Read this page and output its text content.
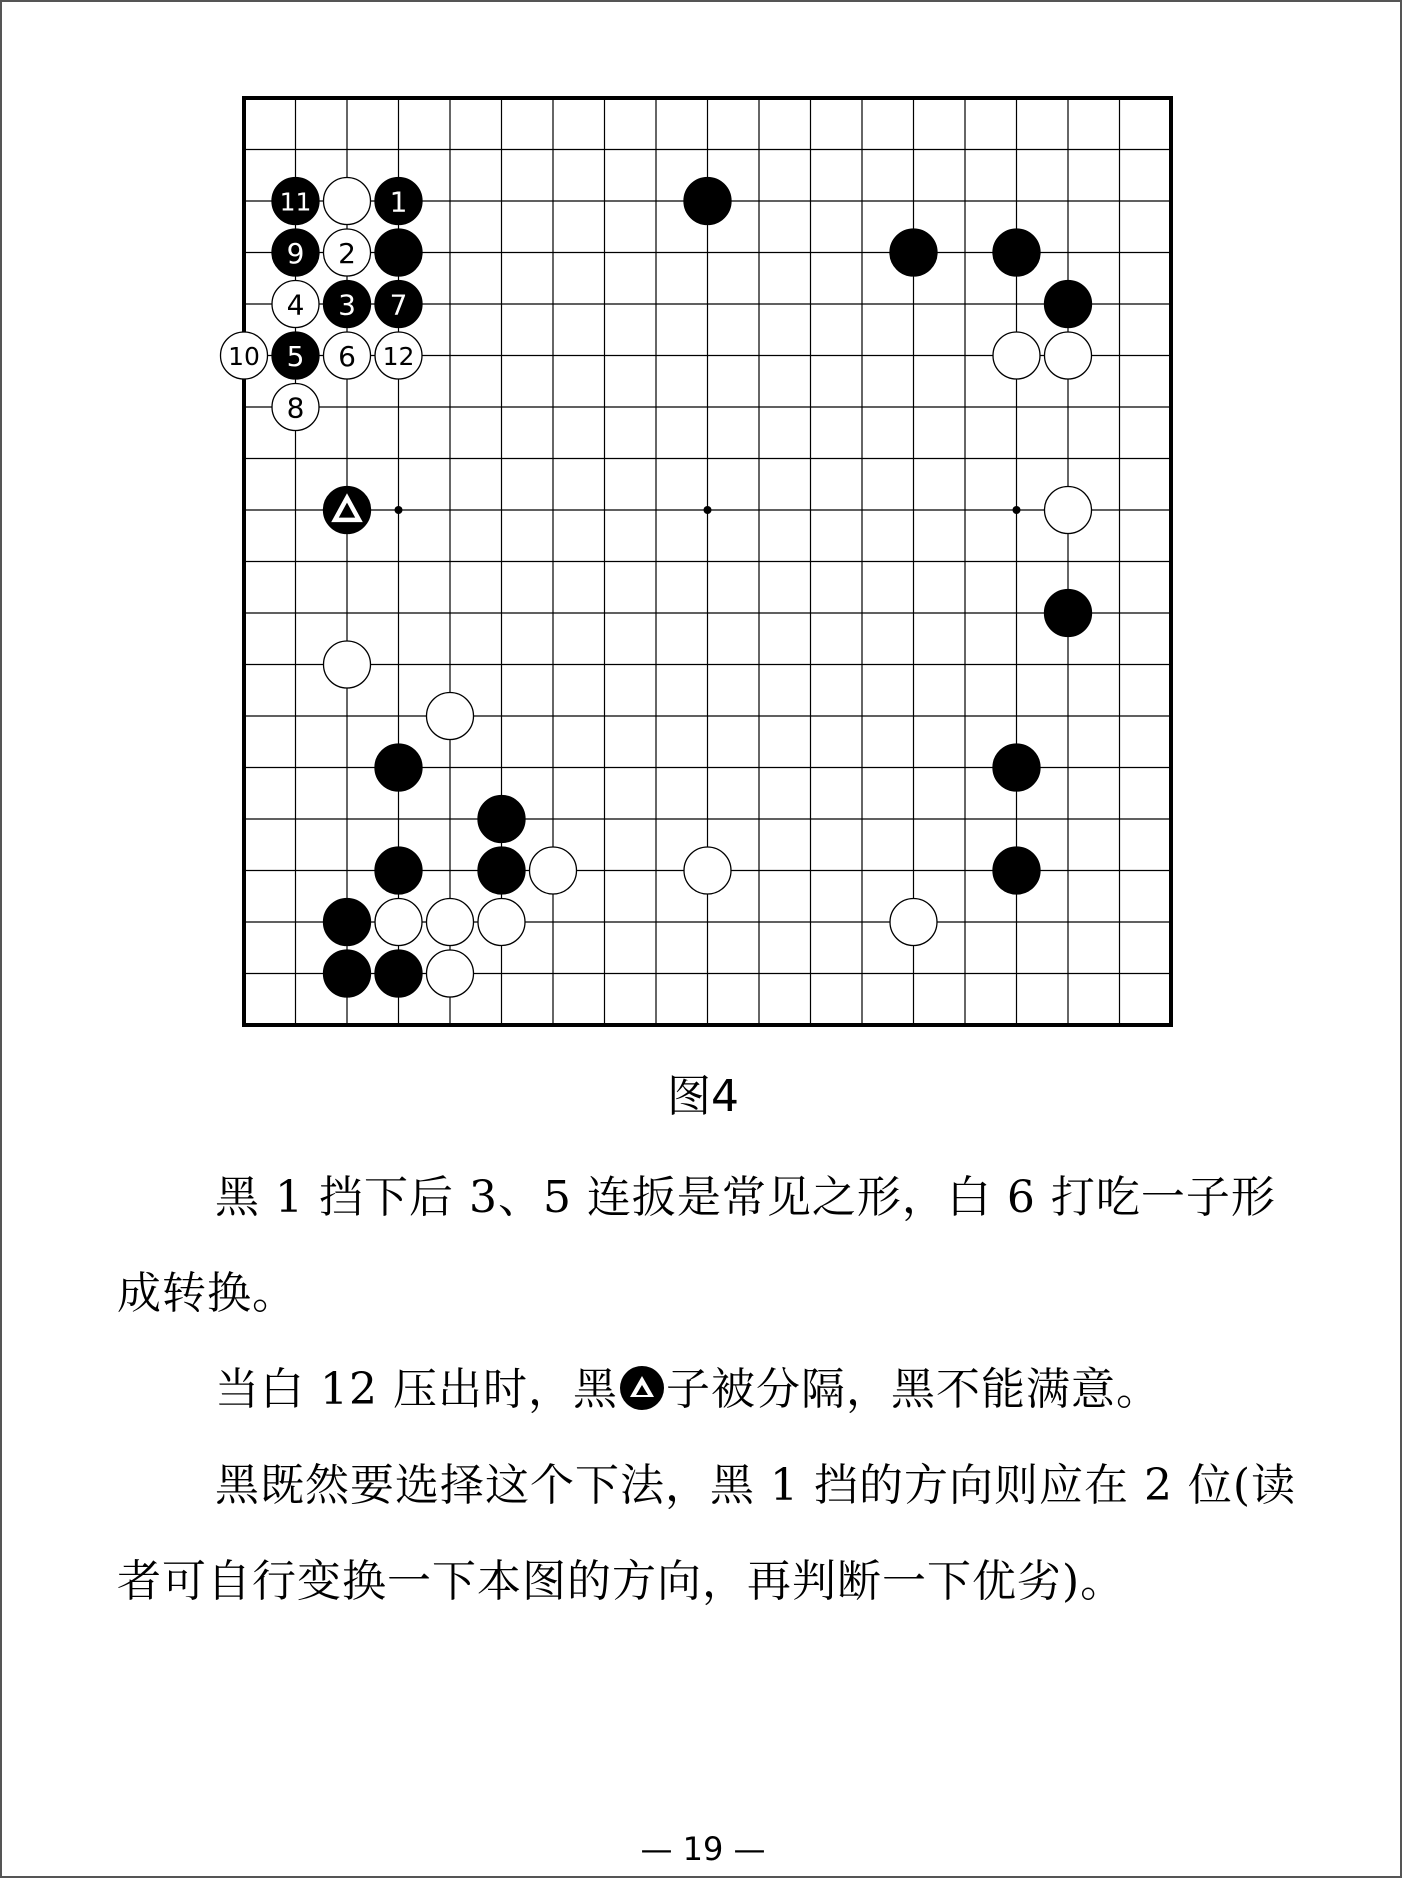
11	1
9 2
4 3 7
10 5 6 12
8
图4

黑 1 挡下后 3、5 连扳是常见之形，白 6 打吃一子形成转换。

当白 12 压出时，黑 子被分隔，黑不能满意。

黑既然要选择这个下法，黑 1 挡的方向则应在 2 位(读者可自行变换一下本图的方向，再判断一下优劣)。

— 19 —
